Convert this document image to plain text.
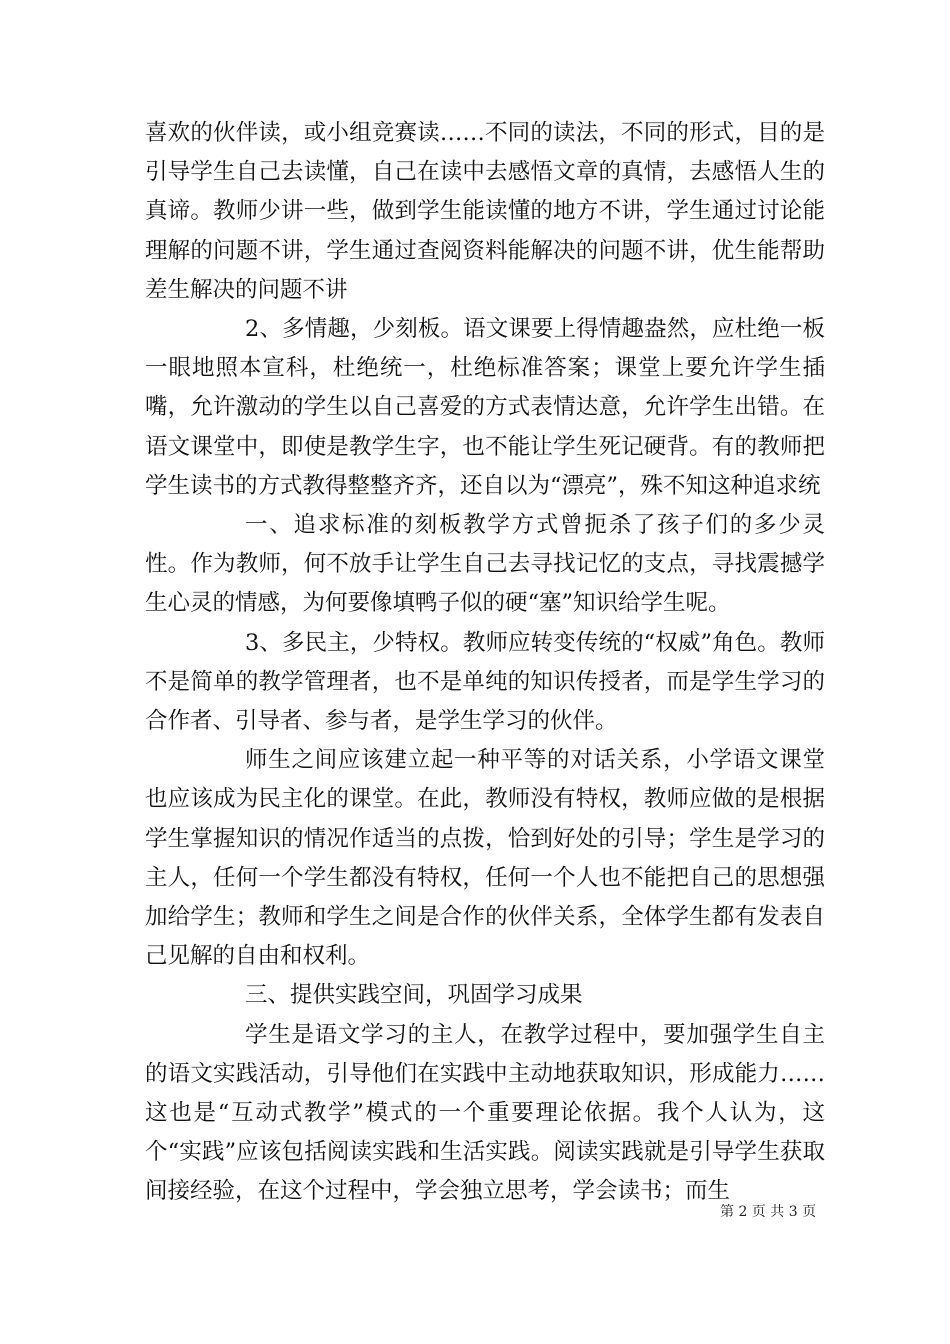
喜欢的伙伴读，或小组竞赛读……不同的读法，不同的形式，目的是引导学生自己去读懂，自己在读中去感悟文章的真情，去感悟人生的真谛。教师少讲一些，做到学生能读懂的地方不讲，学生通过讨论能理解的问题不讲，学生通过查阅资料能解决的问题不讲，优生能帮助差生解决的问题不讲

2、多情趣，少刻板。语文课要上得情趣盎然，应杜绝一板一眼地照本宣科，杜绝统一，杜绝标准答案；课堂上要允许学生插嘴，允许激动的学生以自己喜爱的方式表情达意，允许学生出错。在语文课堂中，即使是教学生字，也不能让学生死记硬背。有的教师把学生读书的方式教得整整齐齐，还自以为“漂亮”，殊不知这种追求统

一、追求标准的刻板教学方式曾扼杀了孩子们的多少灵性。作为教师，何不放手让学生自己去寻找记忆的支点，寻找震撼学生心灵的情感，为何要像填鸭子似的硬“塞”知识给学生呢。

3、多民主，少特权。教师应转变传统的“权威”角色。教师不是简单的教学管理者，也不是单纯的知识传授者，而是学生学习的合作者、引导者、参与者，是学生学习的伙伴。

师生之间应该建立起一种平等的对话关系，小学语文课堂也应该成为民主化的课堂。在此，教师没有特权，教师应做的是根据学生掌握知识的情况作适当的点拨，恰到好处的引导；学生是学习的主人，任何一个学生都没有特权，任何一个人也不能把自己的思想强加给学生；教师和学生之间是合作的伙伴关系，全体学生都有发表自己见解的自由和权利。

三、提供实践空间，巩固学习成果

学生是语文学习的主人，在教学过程中，要加强学生自主的语文实践活动，引导他们在实践中主动地获取知识，形成能力……这也是“互动式教学”模式的一个重要理论依据。我个人认为，这个“实践”应该包括阅读实践和生活实践。阅读实践就是引导学生获取间接经验，在这个过程中，学会独立思考，学会读书；而生

第 2 页 共 3 页
